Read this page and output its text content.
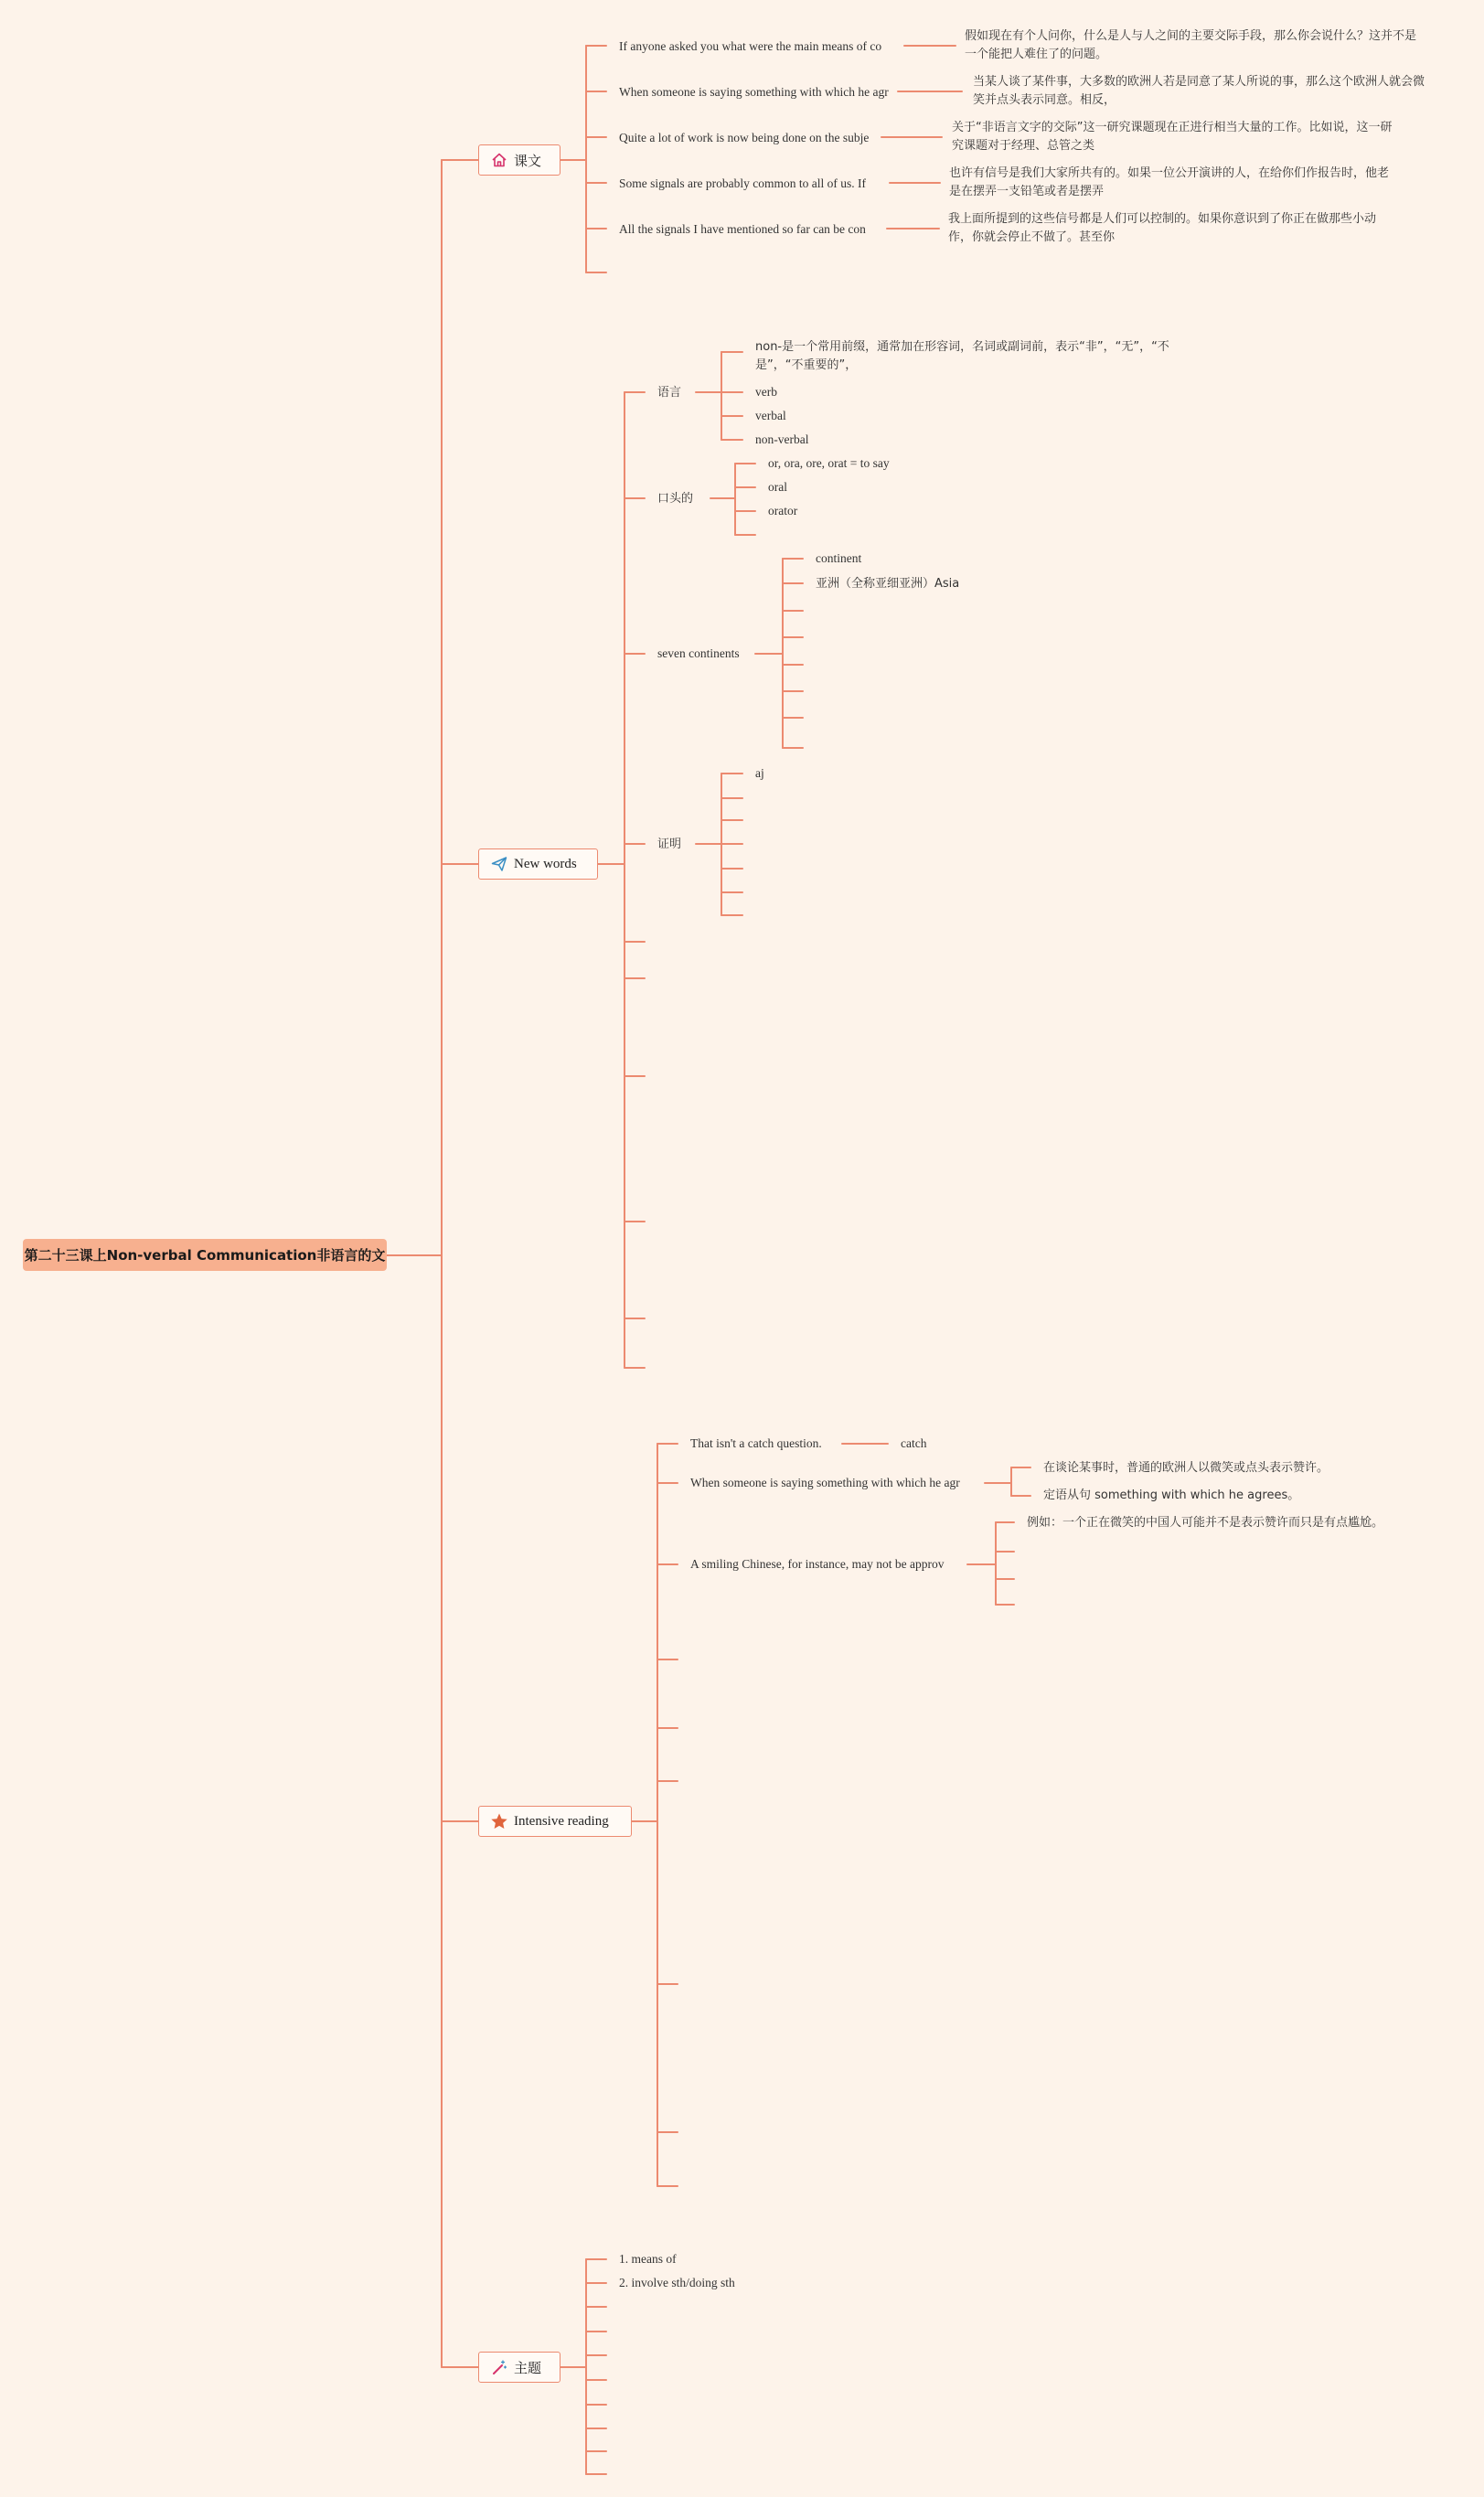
第二十三课上Non-verbal Communication非语言的文
课文
New words
Intensive reading
主题
If anyone asked you what were the main means of co
假如现在有个人问你，什么是人与人之间的主要交际手段，那么你会说什么？这并不是一个能把人难住了的问题。
When someone is saying something with which he agr
当某人谈了某件事，大多数的欧洲人若是同意了某人所说的事，那么这个欧洲人就会微笑并点头表示同意。相反，
Quite a lot of work is now being done on the subje
关于“非语言文字的交际”这一研究课题现在正进行相当大量的工作。比如说，这一研究课题对于经理、总管之类
Some signals are probably common to all of us. If
也许有信号是我们大家所共有的。如果一位公开演讲的人，在给你们作报告时，他老是在摆弄一支铅笔或者是摆弄
All the signals I have mentioned so far can be con
我上面所提到的这些信号都是人们可以控制的。如果你意识到了你正在做那些小动作，你就会停止不做了。甚至你
语言
non-是一个常用前缀，通常加在形容词，名词或副词前，表示“非”，“无”，“不是”，“不重要的”，
verb
verbal
non-verbal
口头的
or, ora, ore, orat = to say
oral
orator
seven continents
continent
亚洲（全称亚细亚洲）Asia
证明
aj
That isn't a catch question.	catch
When someone is saying something with which he agr
在谈论某事时，普通的欧洲人以微笑或点头表示赞许。
定语从句 something with which he agrees。
A smiling Chinese, for instance, may not be approv
例如：一个正在微笑的中国人可能并不是表示赞许而只是有点尴尬。
1. means of
2. involve sth/doing sth
